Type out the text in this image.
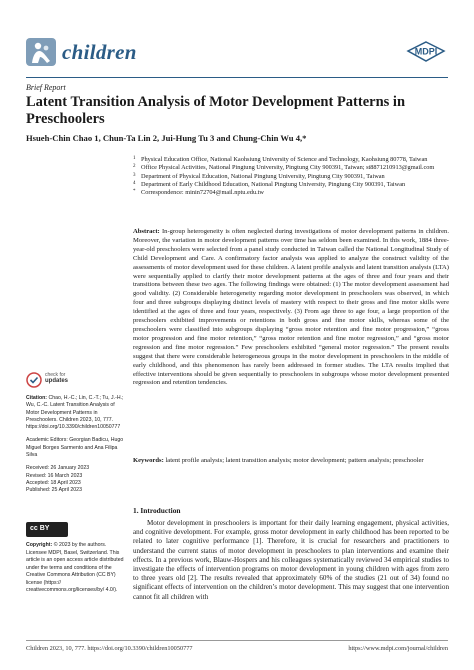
children	MDPI
Brief Report
Latent Transition Analysis of Motor Development Patterns in Preschoolers
Hsueh-Chin Chao 1, Chun-Ta Lin 2, Jui-Hung Tu 3 and Chung-Chin Wu 4,*
1 Physical Education Office, National Kaohsiung University of Science and Technology, Kaohsiung 80778, Taiwan
2 Office Physical Activities, National Pingtung University, Pingtung City 900391, Taiwan; st8871210913@gmail.com
3 Department of Physical Education, National Pingtung University, Pingtung City 900391, Taiwan
4 Department of Early Childhood Education, National Pingtung University, Pingtung City 900391, Taiwan
* Correspondence: minin72704@mail.nptu.edu.tw
Abstract: In-group heterogeneity is often neglected during investigations of motor development patterns in children. Moreover, the variation in motor development patterns over time has seldom been examined. In this work, 1884 three-year-old preschoolers were selected from a panel study conducted in Taiwan called the National Longitudinal Study of Child Development and Care. A confirmatory factor analysis was applied to analyze the construct validity of the assessments of motor development used for these children. A latent profile analysis and latent transition analysis (LTA) were sequentially applied to clarify their motor development patterns at the ages of three and four years and their transitions between these two ages. The following findings were obtained: (1) The motor development assessment had good validity. (2) Considerable heterogeneity regarding motor development in preschoolers was observed, in which four and three subgroups displaying distinct levels of mastery with respect to their gross and fine motor skills were identified at the ages of three and four years, respectively. (3) From age three to age four, a large proportion of the preschoolers exhibited improvements or retentions in both gross and fine motor skills, whereas some of the preschoolers were classified into subgroups displaying “gross motor retention and fine motor progression,” “gross motor progression and fine motor retention,” “gross motor retention and fine motor regression,” and “gross motor regression and fine motor regression.” Few preschoolers exhibited “general motor regression.” The present results suggest that there were considerable heterogeneous groups in the motor development in preschoolers in the middle of early childhood, and this phenomenon has rarely been addressed in former studies. The LTA results implied that effective interventions should be given sequentially to preschoolers in subgroups whose motor development presented regression and retention tendencies.
Keywords: latent profile analysis; latent transition analysis; motor development; pattern analysis; preschooler
check for
updates
Citation: Chao, H.-C.; Lin, C.-T.; Tu, J.-H.; Wu, C.-C. Latent Transition Analysis of Motor Development Patterns in Preschoolers. Children 2023, 10, 777. https://doi.org/10.3390/children10050777
Academic Editors: Georgian Badicu, Hugo Miguel Borges Sarmento and Ana Filipa Silva
Received: 26 January 2023
Revised: 16 March 2023
Accepted: 18 April 2023
Published: 25 April 2023
cc BY
Copyright: © 2023 by the authors. Licensee MDPI, Basel, Switzerland. This article is an open access article distributed under the terms and conditions of the Creative Commons Attribution (CC BY) license (https:// creativecommons.org/licenses/by/ 4.0/).
1. Introduction

Motor development in preschoolers is important for their daily learning engagement, physical activities, and cognitive development. For example, gross motor development in early childhood has been reported to be related to later cognitive performance [1]. Therefore, it is crucial for researchers and practitioners to understand the current status of motor development in preschoolers to plan interventions and examine their effects. In a previous work, Blauw-Hospers and his colleagues systematically reviewed 34 empirical studies to investigate the effects of intervention programs on motor development in young children with ages from zero to three years old [2]. The results revealed that approximately 60% of the studies (21 out of 34) found no significant effects of intervention on the children’s motor development. This may suggest that one intervention cannot fit all children with

Children 2023, 10, 777. https://doi.org/10.3390/children10050777	https://www.mdpi.com/journal/children
